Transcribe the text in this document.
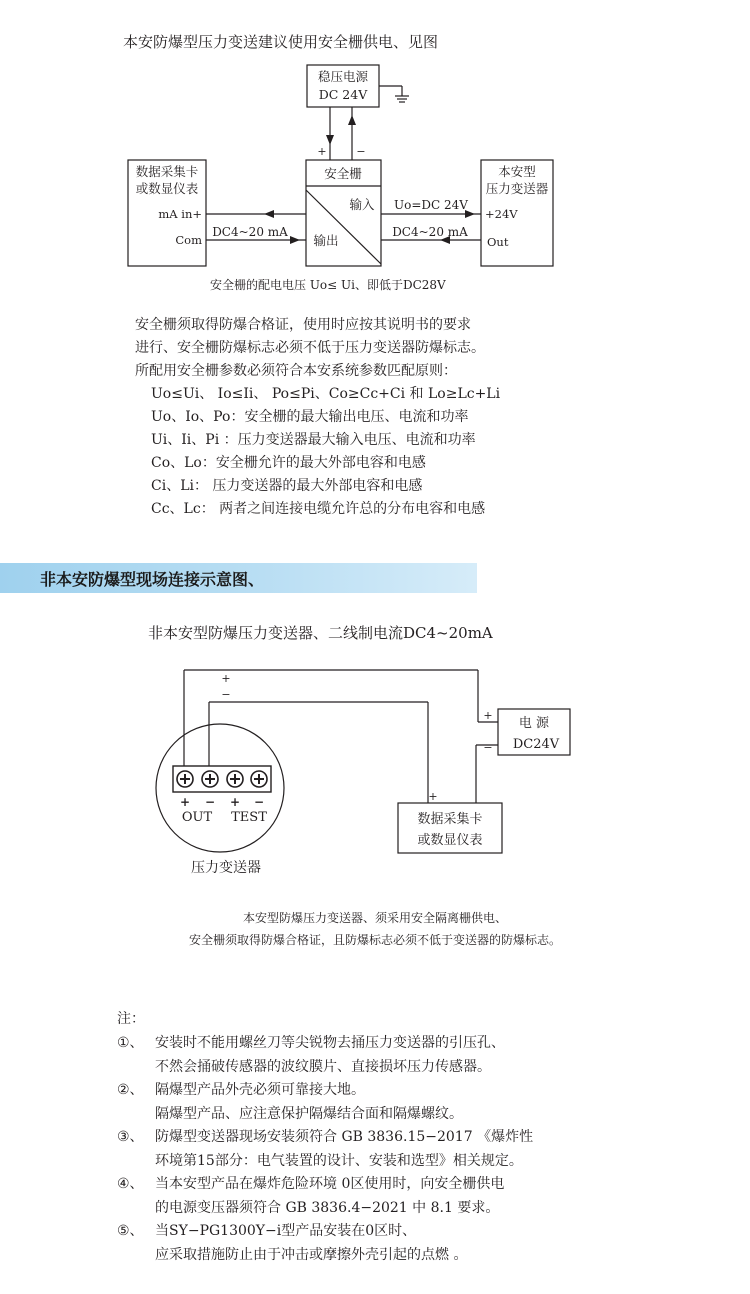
本安防爆型压力变送建议使用安全栅供电、见图
稳压电源
DC 24V
+	−
数据采集卡
或数显仪表
mA in+
Com
安全栅
输入
输出
本安型
压力变送器
+24V
Out
Uo=DC 24V
DC4~20 mA	DC4~20 mA
+
−
电 源
DC24V
+
−
数据采集卡
或数显仪表
+
+ − + −
OUT TEST
压力变送器
安全栅的配电电压 Uo≤ Ui、即低于DC28V
安全栅须取得防爆合格证，使用时应按其说明书的要求
进行、安全栅防爆标志必须不低于压力变送器防爆标志。
所配用安全栅参数必须符合本安系统参数匹配原则：
Uo≤Ui、 Io≤Ii、 Po≤Pi、Co≥Cc+Ci 和 Lo≥Lc+Li
Uo、Io、Po：安全栅的最大输出电压、电流和功率
Ui、Ii、Pi ：压力变送器最大输入电压、电流和功率
Co、Lo：安全栅允许的最大外部电容和电感
Ci、Li： 压力变送器的最大外部电容和电感
Cc、Lc： 两者之间连接电缆允许总的分布电容和电感
非本安防爆型现场连接示意图、
非本安型防爆压力变送器、二线制电流DC4~20mA
本安型防爆压力变送器、须采用安全隔离栅供电、
安全栅须取得防爆合格证，且防爆标志必须不低于变送器的防爆标志。
注：
①、 安装时不能用螺丝刀等尖锐物去捅压力变送器的引压孔、
不然会捅破传感器的波纹膜片、直接损坏压力传感器。
②、 隔爆型产品外壳必须可靠接大地。
隔爆型产品、应注意保护隔爆结合面和隔爆螺纹。
③、 防爆型变送器现场安装须符合 GB 3836.15−2017 《爆炸性
环境第15部分：电气装置的设计、安装和选型》相关规定。
④、 当本安型产品在爆炸危险环境 0区使用时，向安全栅供电
的电源变压器须符合 GB 3836.4−2021 中 8.1 要求。
⑤、 当SY−PG1300Y−i型产品安装在0区时、
应采取措施防止由于冲击或摩擦外壳引起的点燃 。
